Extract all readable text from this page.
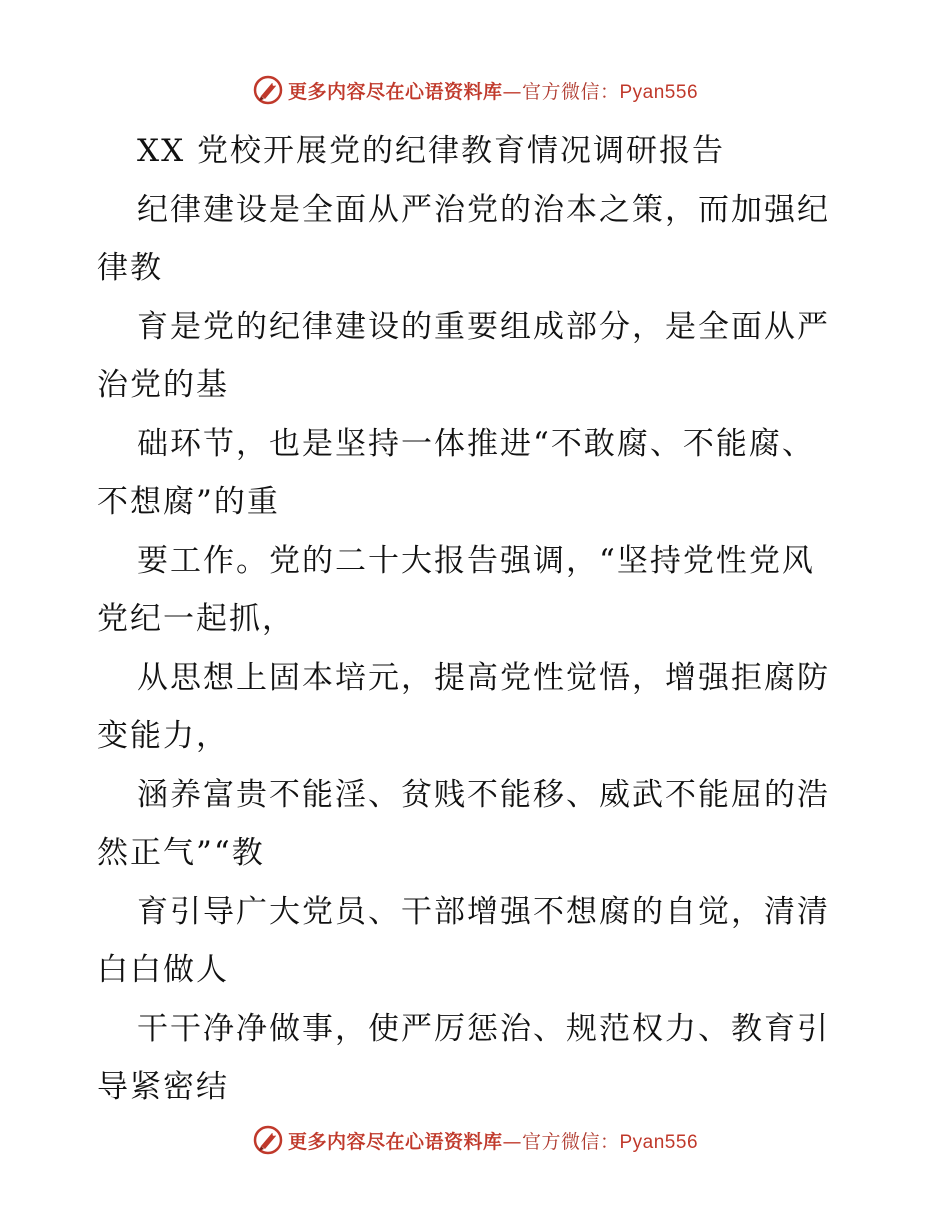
更多内容尽在心语资料库—官方微信：Pyan556
XX 党校开展党的纪律教育情况调研报告
纪律建设是全面从严治党的治本之策，而加强纪
律教
育是党的纪律建设的重要组成部分，是全面从严
治党的基
础环节，也是坚持一体推进“不敢腐、不能腐、
不想腐”的重
要工作。党的二十大报告强调，“坚持党性党风
党纪一起抓，
从思想上固本培元，提高党性觉悟，增强拒腐防
变能力，
涵养富贵不能淫、贫贱不能移、威武不能屈的浩
然正气”“教
育引导广大党员、干部增强不想腐的自觉，清清
白白做人
干干净净做事，使严厉惩治、规范权力、教育引
导紧密结
更多内容尽在心语资料库—官方微信：Pyan556
